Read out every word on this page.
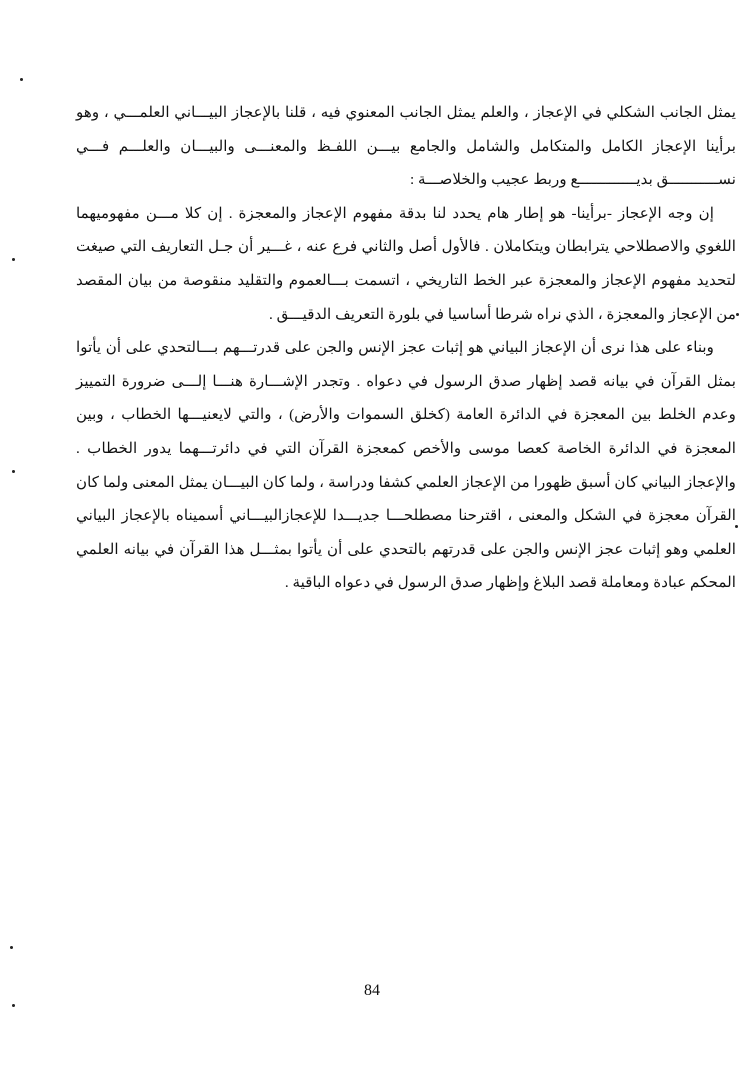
يمثل الجانب الشكلي في الإعجاز ، والعلم يمثل الجانب المعنوي فيه ، قلنا بالإعجاز البيـــاني العلمـــي ، وهو برأينا الإعجاز الكامل والمتكامل والشامل والجامع بيـــن اللفـظ والمعنـــى والبيـــان والعلـــم فـــي نســـــــــــق بديـــــــــــــع وربط عجيب والخلاصـــة :

إن وجه الإعجاز -برأينا- هو إطار هام يحدد لنا بدقة مفهوم الإعجاز والمعجزة . إن كلا مـــن مفهوميهما اللغوي والاصطلاحي يترابطان ويتكاملان . فالأول أصل والثاني فرع عنه ، غـــير أن جـل التعاريف التي صيغت لتحديد مفهوم الإعجاز والمعجزة عبر الخط التاريخي ، اتسمت بـــالعموم والتقليد منقوصة من بيان المقصد من الإعجاز والمعجزة ، الذي نراه شرطا أساسيا في بلورة التعريف الدقيـــق .

وبناء على هذا نرى أن الإعجاز البياني هو إثبات عجز الإنس والجن على قدرتـــهم بـــالتحدي على أن يأتوا بمثل القرآن في بيانه قصد إظهار صدق الرسول في دعواه . وتجدر الإشـــارة هنـــا إلـــى ضرورة التمييز وعدم الخلط بين المعجزة في الدائرة العامة (كخلق السموات والأرض) ، والتي لايعنيـــها الخطاب ، وبين المعجزة في الدائرة الخاصة كعصا موسى والأخص كمعجزة القرآن التي في دائرتـــهما يدور الخطاب . والإعجاز البياني كان أسبق ظهورا من الإعجاز العلمي كشفا ودراسة ، ولما كان البيـــان يمثل المعنى ولما كان القرآن معجزة في الشكل والمعنى ، اقترحنا مصطلحـــا جديـــدا للإعجازالبيـــاني أسميناه بالإعجاز البياني العلمي وهو إثبات عجز الإنس والجن على قدرتهم بالتحدي على أن يأتوا بمثـــل هذا القرآن في بيانه العلمي المحكم عبادة ومعاملة قصد البلاغ وإظهار صدق الرسول في دعواه الباقية .

84
